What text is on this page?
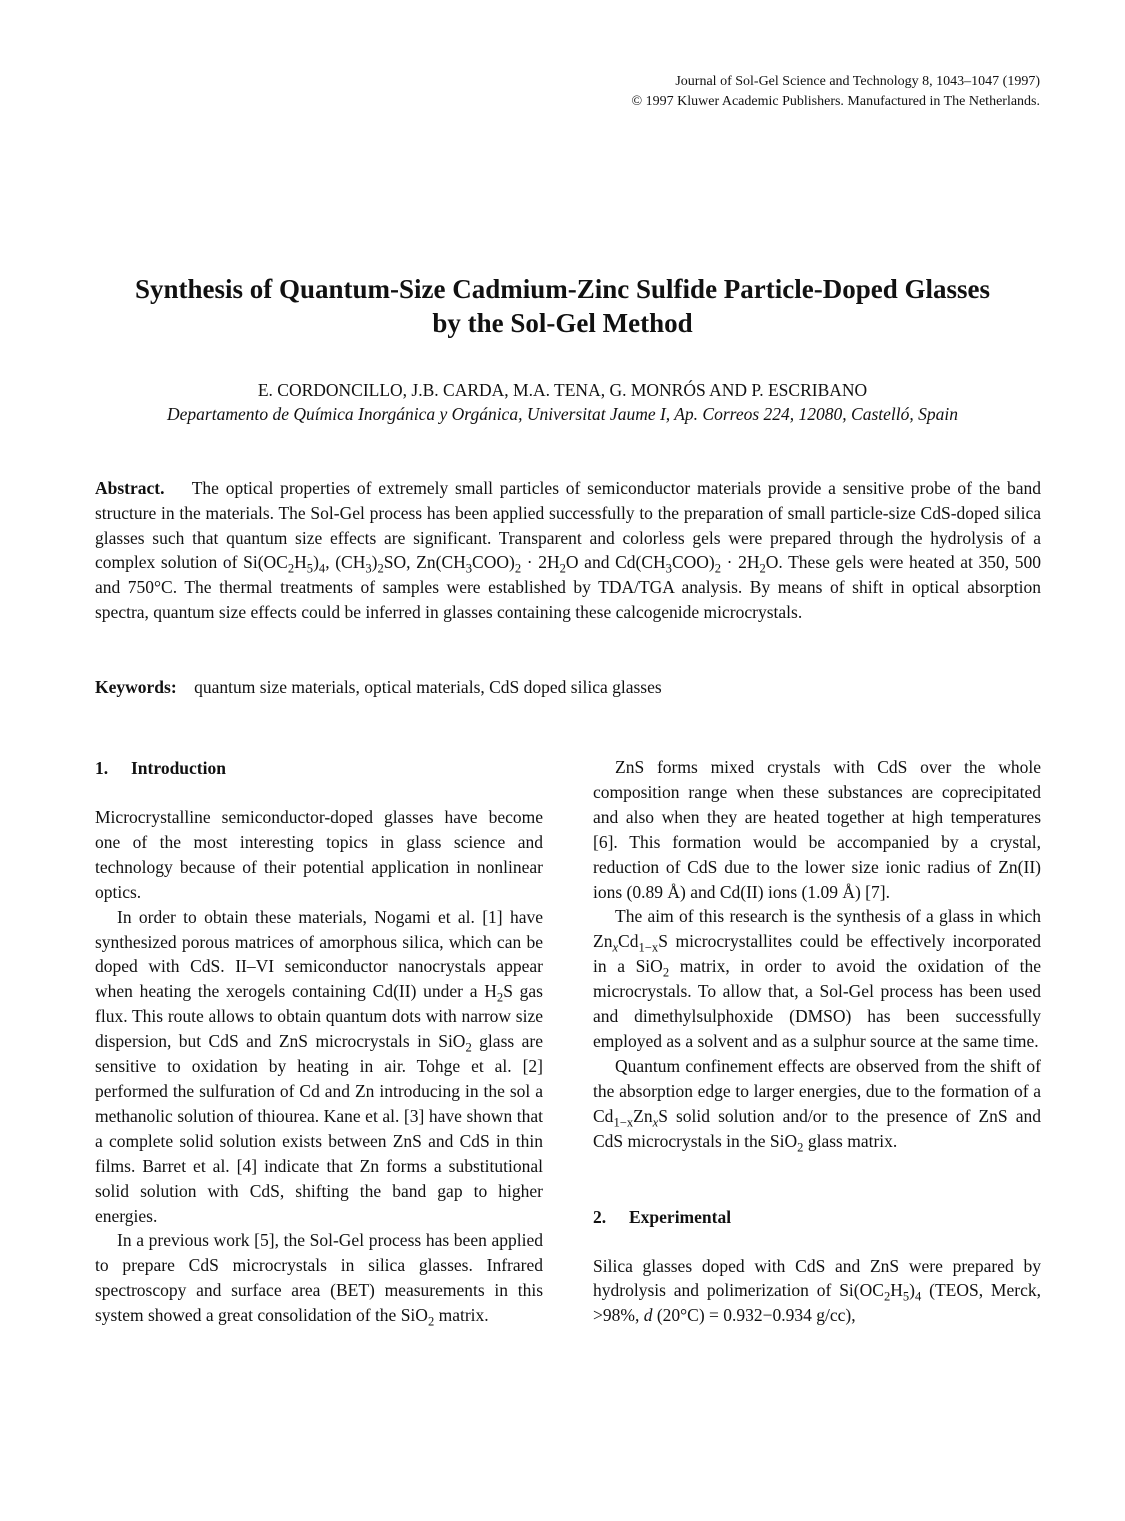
Journal of Sol-Gel Science and Technology 8, 1043–1047 (1997)
© 1997 Kluwer Academic Publishers. Manufactured in The Netherlands.
Synthesis of Quantum-Size Cadmium-Zinc Sulfide Particle-Doped Glasses
by the Sol-Gel Method
E. CORDONCILLO, J.B. CARDA, M.A. TENA, G. MONRÓS AND P. ESCRIBANO
Departamento de Química Inorgánica y Orgánica, Universitat Jaume I, Ap. Correos 224, 12080, Castelló, Spain

Abstract. The optical properties of extremely small particles of semiconductor materials provide a sensitive probe of the band structure in the materials. The Sol-Gel process has been applied successfully to the preparation of small particle-size CdS-doped silica glasses such that quantum size effects are significant. Transparent and colorless gels were prepared through the hydrolysis of a complex solution of $Si(OC_2H_5)_4$, $(CH_3)_2SO$, $Zn(CH_3COO)_2 \cdot 2H_2O$ and $Cd(CH_3COO)_2 \cdot 2H_2O$. These gels were heated at 350, 500 and 750°C. The thermal treatments of samples were established by TDA/TGA analysis. By means of shift in optical absorption spectra, quantum size effects could be inferred in glasses containing these calcogenide microcrystals.

Keywords: quantum size materials, optical materials, CdS doped silica glasses

1. Introduction

Microcrystalline semiconductor-doped glasses have become one of the most interesting topics in glass science and technology because of their potential application in nonlinear optics.

In order to obtain these materials, Nogami et al. [1] have synthesized porous matrices of amorphous silica, which can be doped with CdS. II–VI semiconductor nanocrystals appear when heating the xerogels containing Cd(II) under a $H_2S$ gas flux. This route allows to obtain quantum dots with narrow size dispersion, but CdS and ZnS microcrystals in SiO$_2$ glass are sensitive to oxidation by heating in air. Tohge et al. [2] performed the sulfuration of Cd and Zn introducing in the sol a methanolic solution of thiourea. Kane et al. [3] have shown that a complete solid solution exists between ZnS and CdS in thin films. Barret et al. [4] indicate that Zn forms a substitutional solid solution with CdS, shifting the band gap to higher energies.

In a previous work [5], the Sol-Gel process has been applied to prepare CdS microcrystals in silica glasses. Infrared spectroscopy and surface area (BET) measurements in this system showed a great consolidation of the SiO$_2$ matrix.

ZnS forms mixed crystals with CdS over the whole composition range when these substances are coprecipitated and also when they are heated together at high temperatures [6]. This formation would be accompanied by a crystal, reduction of CdS due to the lower size ionic radius of Zn(II) ions (0.89 Å) and Cd(II) ions (1.09 Å) [7].

The aim of this research is the synthesis of a glass in which $Zn_xCd_{1-x}S$ microcrystallites could be effectively incorporated in a SiO$_2$ matrix, in order to avoid the oxidation of the microcrystals. To allow that, a Sol-Gel process has been used and dimethylsulphoxide (DMSO) has been successfully employed as a solvent and as a sulphur source at the same time.

Quantum confinement effects are observed from the shift of the absorption edge to larger energies, due to the formation of a $Cd_{1-x}Zn_xS$ solid solution and/or to the presence of ZnS and CdS microcrystals in the SiO$_2$ glass matrix.

2. Experimental

Silica glasses doped with CdS and ZnS were prepared by hydrolysis and polimerization of $Si(OC_2H_5)_4$ (TEOS, Merck, >98%, d (20°C) = 0.932−0.934 g/cc),
